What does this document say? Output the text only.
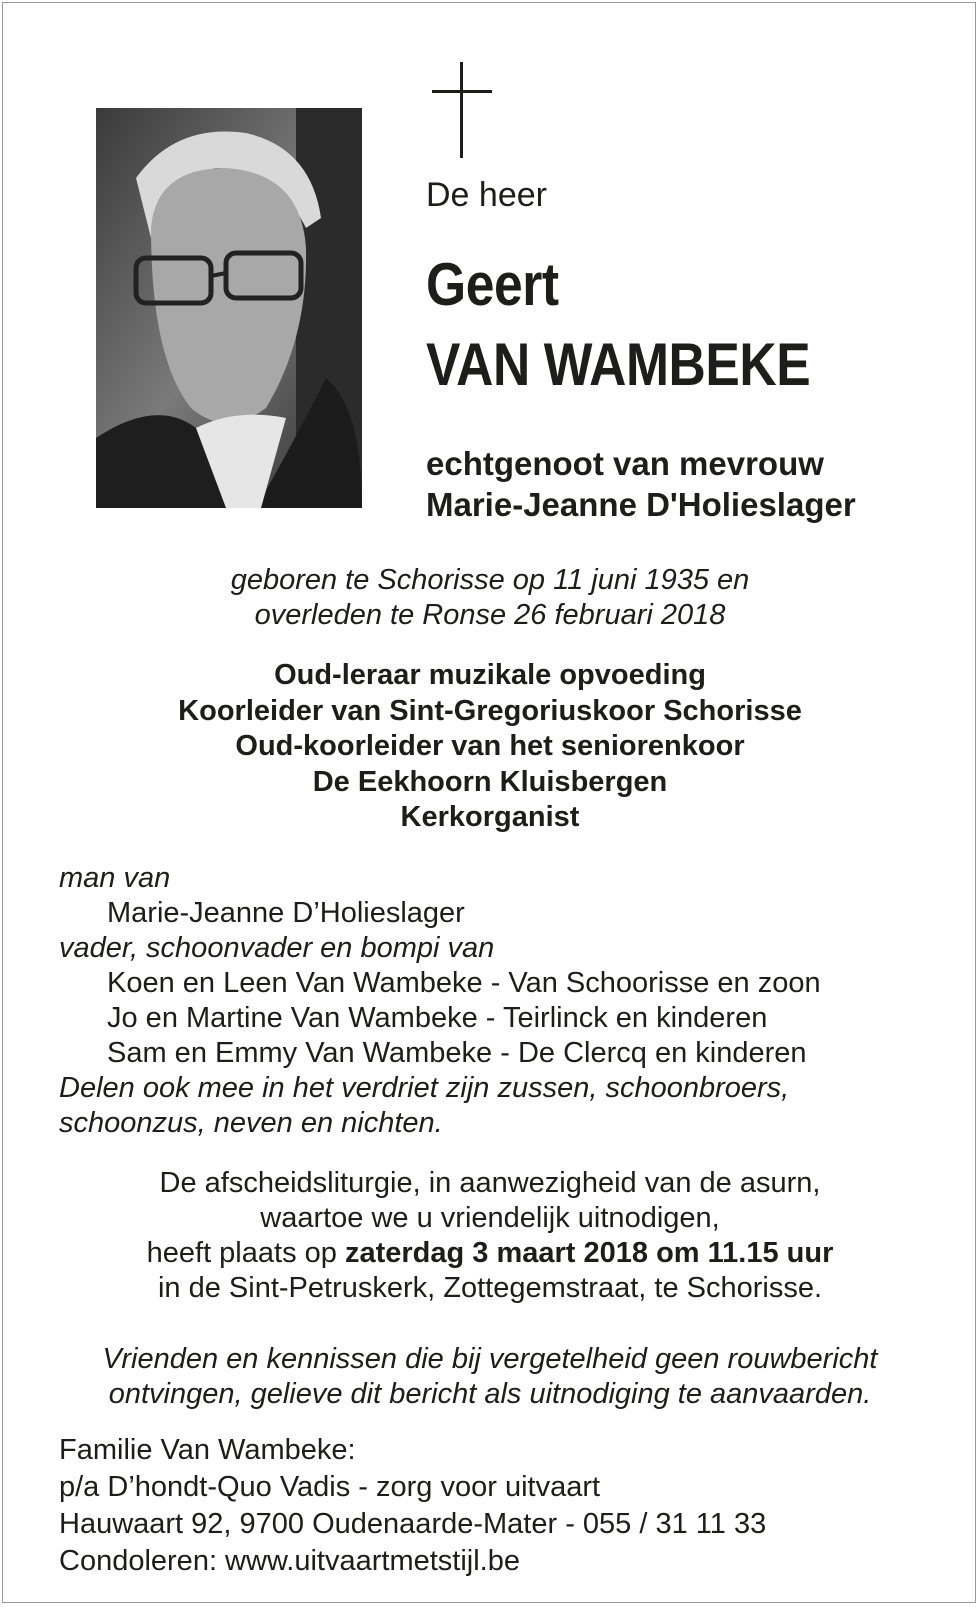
De heer
Geert
VAN WAMBEKE
echtgenoot van mevrouw
Marie-Jeanne D'Holieslager
geboren te Schorisse op 11 juni 1935 en
overleden te Ronse 26 februari 2018
Oud-leraar muzikale opvoeding
Koorleider van Sint-Gregoriuskoor Schorisse
Oud-koorleider van het seniorenkoor
De Eekhoorn Kluisbergen
Kerkorganist
man van
Marie-Jeanne D’Holieslager
vader, schoonvader en bompi van
Koen en Leen Van Wambeke - Van Schoorisse en zoon
Jo en Martine Van Wambeke - Teirlinck en kinderen
Sam en Emmy Van Wambeke - De Clercq en kinderen
Delen ook mee in het verdriet zijn zussen, schoonbroers,
schoonzus, neven en nichten.
De afscheidsliturgie, in aanwezigheid van de asurn,
waartoe we u vriendelijk uitnodigen,
heeft plaats op zaterdag 3 maart 2018 om 11.15 uur
in de Sint-Petruskerk, Zottegemstraat, te Schorisse.
Vrienden en kennissen die bij vergetelheid geen rouwbericht
ontvingen, gelieve dit bericht als uitnodiging te aanvaarden.
Familie Van Wambeke:
p/a D’hondt-Quo Vadis - zorg voor uitvaart
Hauwaart 92, 9700 Oudenaarde-Mater - 055 / 31 11 33
Condoleren: www.uitvaartmetstijl.be
